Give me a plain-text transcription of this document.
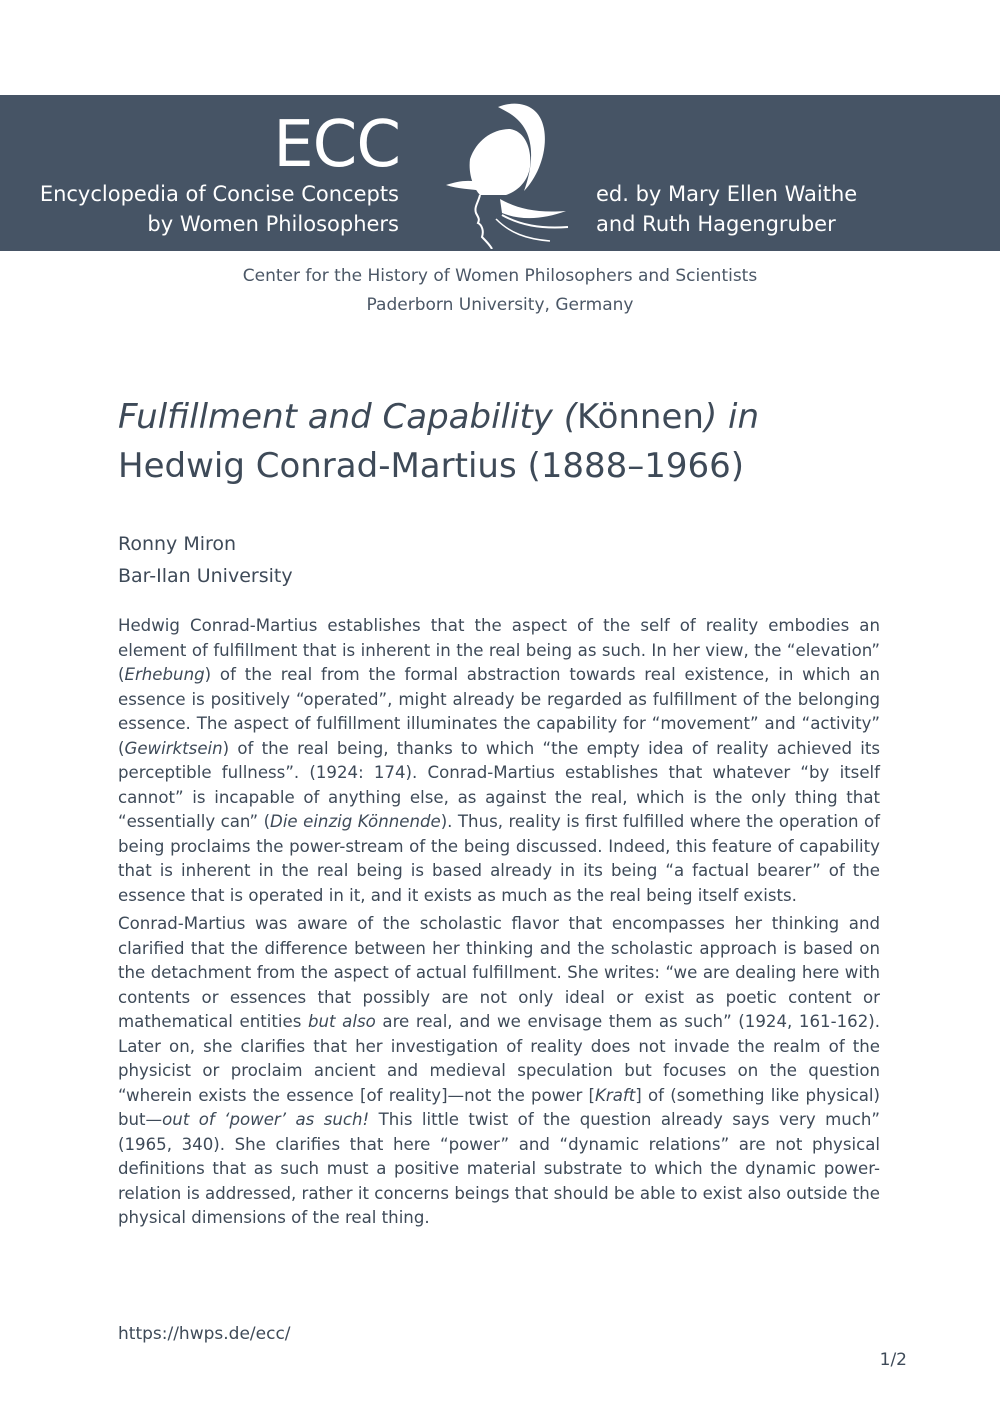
ECC
Encyclopedia of Concise Concepts
by Women Philosophers
ed. by Mary Ellen Waithe
and Ruth Hagengruber
Center for the History of Women Philosophers and Scientists
Paderborn University, Germany
Fulfillment and Capability (Können) in
Hedwig Conrad-Martius (1888–1966)
Ronny Miron
Bar-Ilan University

Hedwig Conrad-Martius establishes that the aspect of the self of reality embodies an element of fulfillment that is inherent in the real being as such. In her view, the “elevation” (Erhebung) of the real from the formal abstraction towards real existence, in which an essence is positively “operated”, might already be regarded as fulfillment of the belonging essence. The aspect of fulfillment illuminates the capability for “movement” and “activity” (Gewirktsein) of the real being, thanks to which “the empty idea of reality achieved its perceptible fullness”. (1924: 174). Conrad-Martius establishes that whatever “by itself cannot” is incapable of anything else, as against the real, which is the only thing that “essentially can” (Die einzig Könnende). Thus, reality is first fulfilled where the operation of being proclaims the power-stream of the being discussed. Indeed, this feature of capability that is inherent in the real being is based already in its being “a factual bearer” of the essence that is operated in it, and it exists as much as the real being itself exists.

Conrad-Martius was aware of the scholastic flavor that encompasses her thinking and clarified that the difference between her thinking and the scholastic approach is based on the detachment from the aspect of actual fulfillment. She writes: “we are dealing here with contents or essences that possibly are not only ideal or exist as poetic content or mathematical entities but also are real, and we envisage them as such” (1924, 161-162). Later on, she clarifies that her investigation of reality does not invade the realm of the physicist or proclaim ancient and medieval speculation but focuses on the question “wherein exists the essence [of reality]—not the power [Kraft] of (something like physical) but—out of ‘power’ as such! This little twist of the question already says very much” (1965, 340). She clarifies that here “power” and “dynamic relations” are not physical definitions that as such must a positive material substrate to which the dynamic power-relation is addressed, rather it concerns beings that should be able to exist also outside the physical dimensions of the real thing.

https://hwps.de/ecc/
1/2
